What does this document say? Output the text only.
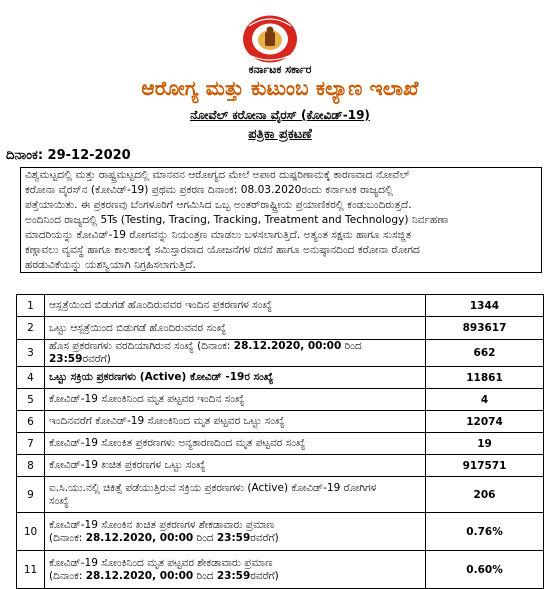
ಕರ್ನಾಟಕ ಸರ್ಕಾರ
ಆರೋಗ್ಯ ಮತ್ತು ಕುಟುಂಬ ಕಲ್ಯಾಣ ಇಲಾಖೆ
ನೋವೆಲ್ ಕರೋನಾ ವೈರಸ್ (ಕೋವಿಡ್-19)
ಪತ್ರಿಕಾ ಪ್ರಕಟಣೆ
ದಿನಾಂಕ: 29-12-2020
ವಿಶ್ವಮಟ್ಟದಲ್ಲಿ ಮತ್ತು ರಾಷ್ಟ್ರಮಟ್ಟದಲ್ಲಿ ಮಾನವನ ಆರೋಗ್ಯದ ಮೇಲೆ ಅಪಾರ ದುಷ್ಪರಿಣಾಮಕ್ಕೆ ಕಾರಣವಾದ ನೋವೆಲ್
ಕರೋನಾ ವೈರಸ್‌ನ (ಕೋವಿಡ್-19) ಪ್ರಥಮ ಪ್ರಕರಣ ದಿನಾಂಕ: 08.03.2020ರಂದು ಕರ್ನಾಟಕ ರಾಜ್ಯದಲ್ಲಿ
ಪತ್ತೆಯಾಯಿತು. ಈ ಪ್ರಕರಣವು ಬೆಂಗಳೂರಿಗೆ ಆಗಮಿಸಿದ ಒಬ್ಬ ಅಂತರ್‌ರಾಷ್ಟ್ರೀಯ ಪ್ರಯಾಣಿಕರಲ್ಲಿ ಕಂಡುಬಂದಿರುತ್ತದೆ.
ಅಂದಿನಿಂದ ರಾಜ್ಯದಲ್ಲಿ 5Ts (Testing, Tracing, Tracking, Treatment and Technology) ನಿರ್ವಹಣಾ
ಮಾದರಿಯನ್ನು ಕೋವಿಡ್-19 ರೋಗವನ್ನು ನಿಯಂತ್ರಣ ಮಾಡಲು ಬಳಸಲಾಗುತ್ತಿದೆ. ಅತ್ಯಂತ ಸಕ್ಷಮ ಹಾಗೂ ಸುಸಜ್ಜಿತ
ಕಣ್ಗಾವಲು ವ್ಯವಸ್ಥೆ ಹಾಗೂ ಕಾಲಕಾಲಕ್ಕೆ ಸಮಿಸ್ತಾರವಾದ ಯೋಜನೆಗಳ ರಚನೆ ಹಾಗೂ ಅನುಷ್ಠಾನದಿಂದ ಕರೋನಾ ರೋಗದ
ಹರಡುವಿಕೆಯನ್ನು ಯಶಸ್ವಿಯಾಗಿ ನಿಗ್ರಹಿಸಲಾಗುತ್ತಿದೆ.
1	ಆಸ್ಪತ್ರೆಯಿಂದ ಬಿಡುಗಡೆ ಹೊಂದಿರುವವರ ಇಂದಿನ ಪ್ರಕರಣಗಳ ಸಂಖ್ಯೆ	1344
2	ಒಟ್ಟು ಆಸ್ಪತ್ರೆಯಿಂದ ಬಿಡುಗಡೆ ಹೊಂದಿರುವವರ ಸಂಖ್ಯೆ	893617
3	ಹೊಸ ಪ್ರಕರಣಗಳು ವರದಿಯಾಗಿರುವ ಸಂಖ್ಯೆ (ದಿನಾಂಕ: 28.12.2020, 00:00 ರಿಂದ 23:59ರವರೆಗೆ)	662
4	ಒಟ್ಟು ಸಕ್ರಿಯ ಪ್ರಕರಣಗಳು (Active) ಕೋವಿಡ್ -19ರ ಸಂಖ್ಯೆ	11861
5	ಕೋವಿಡ್-19 ಸೋಂಕಿನಿಂದ ಮೃತ ಪಟ್ಟವರ ಇಂದಿನ ಸಂಖ್ಯೆ	4
6	ಇಂದಿನವರೆಗೆ ಕೋವಿಡ್-19 ಸೋಂಕಿನಿಂದ ಮೃತ ಪಟ್ಟವರ ಒಟ್ಟು ಸಂಖ್ಯೆ	12074
7	ಕೋವಿಡ್-19 ಸೋಂಕಿತ ಪ್ರಕರಣಗಳು ಅನ್ಯಕಾರಣದಿಂದ ಮೃತ ಪಟ್ಟವರ ಸಂಖ್ಯೆ	19
8	ಕೋವಿಡ್-19 ಖಚಿತ ಪ್ರಕರಣಗಳ ಒಟ್ಟು ಸಂಖ್ಯೆ	917571
9	ಐ.ಸಿ.ಯು.ನಲ್ಲಿ ಚಿಕಿತ್ಸೆ ಪಡೆಯುತ್ತಿರುವ ಸಕ್ರಿಯ ಪ್ರಕರಣಗಳು (Active) ಕೋವಿಡ್-19 ರೋಗಿಗಳ
ಸಂಖ್ಯೆ	206
10	ಕೋವಿಡ್-19 ಸೋಂಕಿನ ಖಚಿತ ಪ್ರಕರಣಗಳ ಶೇಕಡಾವಾರು ಪ್ರಮಾಣ
(ದಿನಾಂಕ: 28.12.2020, 00:00 ರಿಂದ 23:59ರವರೆಗೆ)	0.76%
11	ಕೋವಿಡ್-19 ಸೋಂಕಿನಿಂದ ಮೃತ ಪಟ್ಟವರ ಶೇಕಡಾವಾರು ಪ್ರಮಾಣ
(ದಿನಾಂಕ: 28.12.2020, 00:00 ರಿಂದ 23:59ರವರೆಗೆ)	0.60%
